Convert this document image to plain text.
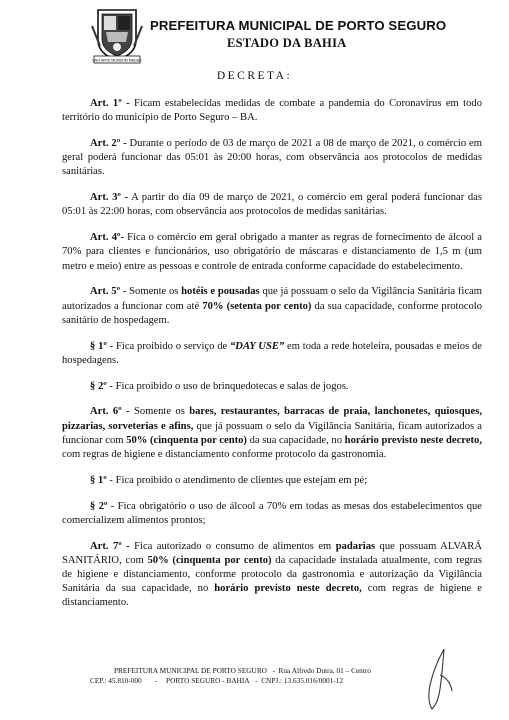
VNO ANTE MUNDUM MADDE
PREFEITURA MUNICIPAL DE PORTO SEGURO
ESTADO DA BAHIA
DECRETA:

Art. 1º - Ficam estabelecidas medidas de combate a pandemia do Coronavírus em todo território do município de Porto Seguro – BA.

Art. 2º - Durante o período de 03 de março de 2021 a 08 de março de 2021, o comércio em geral poderá funcionar das 05:01 às 20:00 horas, com observância aos protocolos de medidas sanitárias.

Art. 3º - A partir do dia 09 de março de 2021, o comércio em geral poderá funcionar das 05:01 às 22:00 horas, com observância aos protocolos de medidas sanitárias.

Art. 4º- Fica o comércio em geral obrigado a manter as regras de fornecimento de álcool a 70% para clientes e funcionários, uso obrigatório de máscaras e distanciamento de 1,5 m (um metro e meio) entre as pessoas e controle de entrada conforme capacidade do estabelecimento.

Art. 5º - Somente os hotéis e pousadas que já possuam o selo da Vigilância Sanitária ficam autorizados a funcionar com até 70% (setenta por cento) da sua capacidade, conforme protocolo sanitário de hospedagem.

§ 1º - Fica proibido o serviço de “DAY USE” em toda a rede hoteleira, pousadas e meios de hospedagens.

§ 2º - Fica proibido o uso de brinquedotecas e salas de jogos.

Art. 6º - Somente os bares, restaurantes, barracas de praia, lanchonetes, quiosques, pizzarias, sorveterias e afins, que já possuam o selo da Vigilância Sanitária, ficam autorizados a funcionar com 50% (cinquenta por cento) da sua capacidade, no horário previsto neste decreto, com regras de higiene e distanciamento conforme protocolo da gastronomia.

§ 1º - Fica proibido o atendimento de clientes que estejam em pé;

§ 2º - Fica obrigatório o uso de álcool a 70% em todas as mesas dos estabelecimentos que comercializem alimentos prontos;

Art. 7º - Fica autorizado o consumo de alimentos em padarias que possuam ALVARÁ SANITÁRIO, com 50% (cinquenta por cento) da capacidade instalada atualmente, com regras de higiene e distanciamento, conforme protocolo da gastronomia e autorização da Vigilância Sanitária da sua capacidade, no horário previsto neste decreto, com regras de higiene e distanciamento.

PREFEITURA MUNICIPAL DE PORTO SEGURO - Rua Alfredo Dutra, 01 – Centro
CEP.: 45.810-000 - PORTO SEGURO - BAHIA - CNPJ.: 13.635.016/0001-12
